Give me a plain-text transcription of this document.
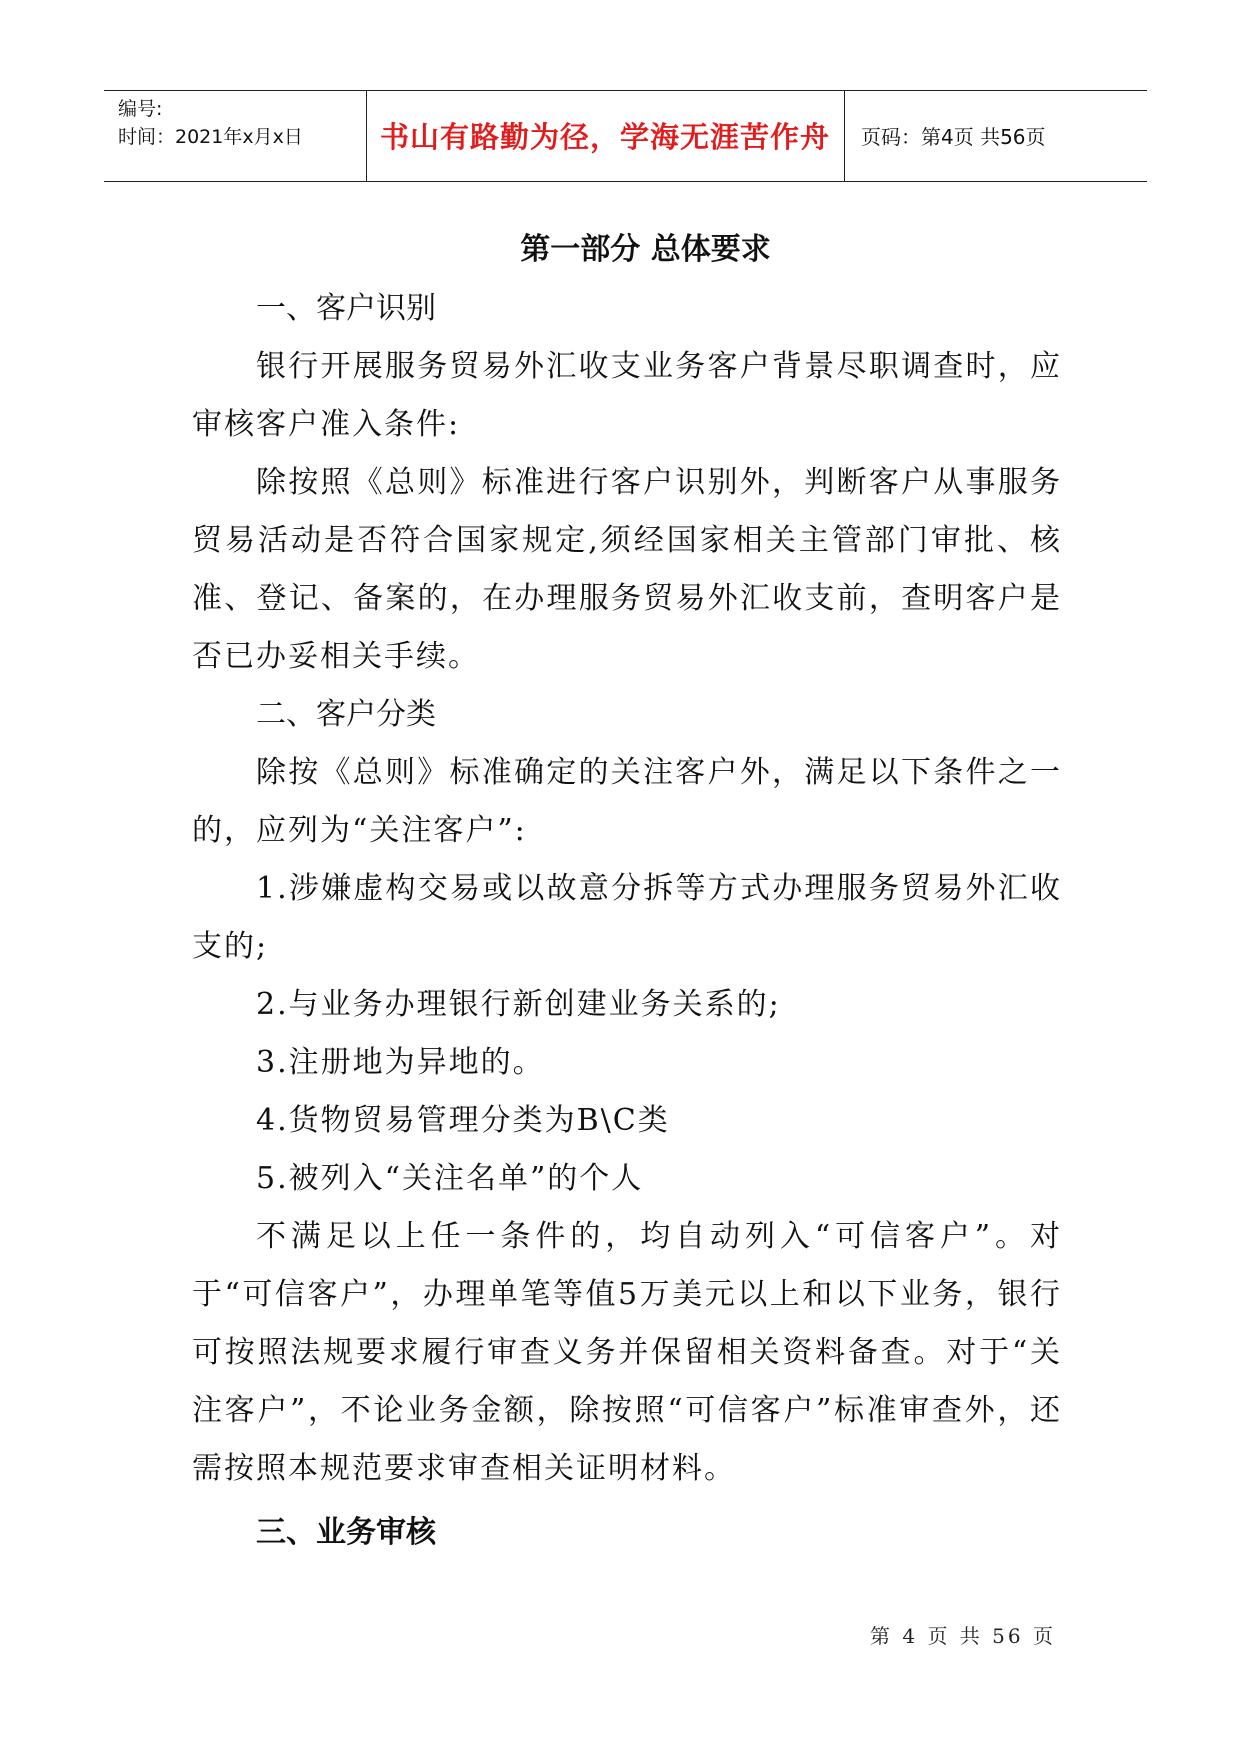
编号:
时间：2021年x月x日	书山有路勤为径，学海无涯苦作舟	页码：第4页 共56页
第一部分 总体要求
一、客户识别

银行开展服务贸易外汇收支业务客户背景尽职调查时，应审核客户准入条件:

除按照《总则》标准进行客户识别外，判断客户从事服务贸易活动是否符合国家规定,须经国家相关主管部门审批、核准、登记、备案的，在办理服务贸易外汇收支前，查明客户是否已办妥相关手续。

二、客户分类

除按《总则》标准确定的关注客户外，满足以下条件之一的，应列为“关注客户”:

1.涉嫌虚构交易或以故意分拆等方式办理服务贸易外汇收支的;

2.与业务办理银行新创建业务关系的;

3.注册地为异地的。

4.货物贸易管理分类为B\C类

5.被列入“关注名单”的个人

不满足以上任一条件的，均自动列入“可信客户”。对于“可信客户”，办理单笔等值5万美元以上和以下业务，银行可按照法规要求履行审查义务并保留相关资料备查。对于“关注客户”，不论业务金额，除按照“可信客户”标准审查外，还需按照本规范要求审查相关证明材料。

三、业务审核
第 4 页 共 56 页
